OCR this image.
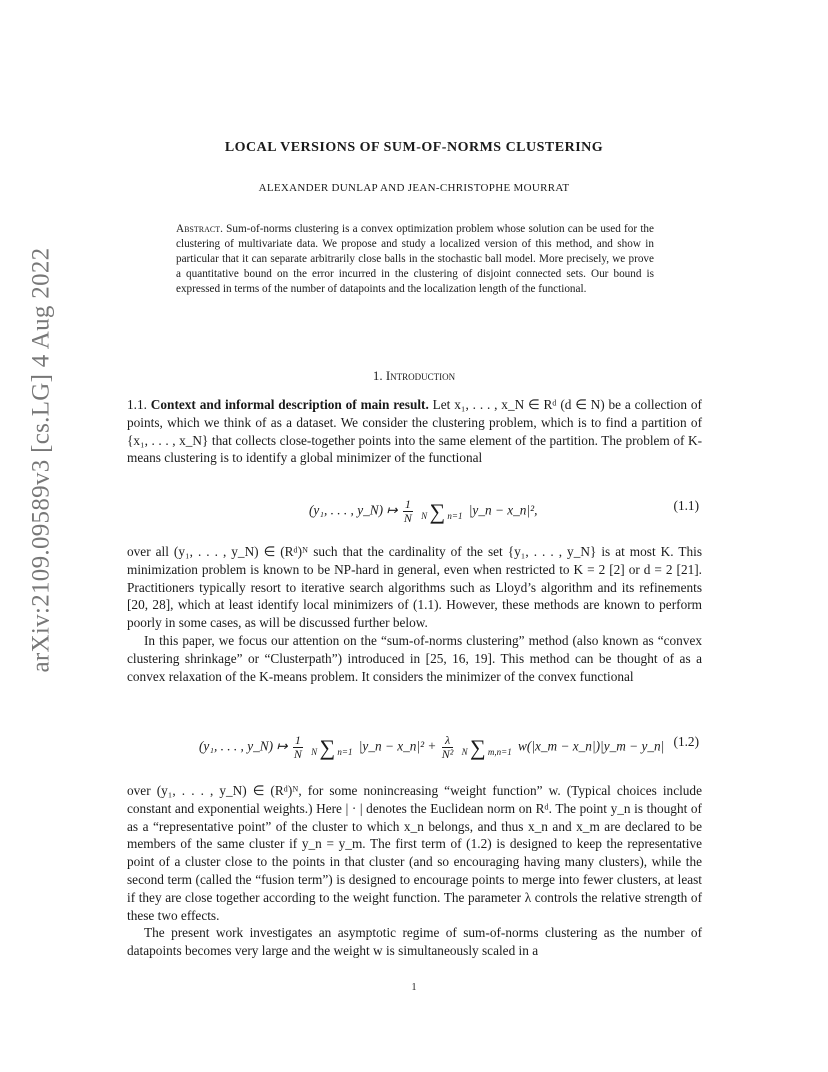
arXiv:2109.09589v3 [cs.LG] 4 Aug 2022
LOCAL VERSIONS OF SUM-OF-NORMS CLUSTERING
ALEXANDER DUNLAP AND JEAN-CHRISTOPHE MOURRAT
Abstract. Sum-of-norms clustering is a convex optimization problem whose solution can be used for the clustering of multivariate data. We propose and study a localized version of this method, and show in particular that it can separate arbitrarily close balls in the stochastic ball model. More precisely, we prove a quantitative bound on the error incurred in the clustering of disjoint connected sets. Our bound is expressed in terms of the number of datapoints and the localization length of the functional.
1. Introduction

1.1. Context and informal description of main result. Let x₁, . . . , x_N ∈ Rᵈ (d ∈ N) be a collection of points, which we think of as a dataset. We consider the clustering problem, which is to find a partition of {x₁, . . . , x_N} that collects close-together points into the same element of the partition. The problem of K-means clustering is to identify a global minimizer of the functional

(y₁, . . . , y_N) ↦ $\frac{1}{N}$ N ∑ n=1 |y_n − x_n|²,	(1.1)

over all (y₁, . . . , y_N) ∈ (Rᵈ)ᴺ such that the cardinality of the set {y₁, . . . , y_N} is at most K. This minimization problem is known to be NP-hard in general, even when restricted to K = 2 [2] or d = 2 [21]. Practitioners typically resort to iterative search algorithms such as Lloyd’s algorithm and its refinements [20, 28], which at least identify local minimizers of (1.1). However, these methods are known to perform poorly in some cases, as will be discussed further below.

In this paper, we focus our attention on the “sum-of-norms clustering” method (also known as “convex clustering shrinkage” or “Clusterpath”) introduced in [25, 16, 19]. This method can be thought of as a convex relaxation of the K-means problem. It considers the minimizer of the convex functional

(y₁, . . . , y_N) ↦ $\frac{1}{N}$ N ∑ n=1 |y_n − x_n|² + $\frac{\lambda}{\text{N²}}$ N ∑ m,n=1 w(|x_m − x_n|)|y_m − y_n| (1.2)

over (y₁, . . . , y_N) ∈ (Rᵈ)ᴺ, for some nonincreasing “weight function” w. (Typical choices include constant and exponential weights.) Here | · | denotes the Euclidean norm on Rᵈ. The point y_n is thought of as a “representative point” of the cluster to which x_n belongs, and thus x_n and x_m are declared to be members of the same cluster if y_n = y_m. The first term of (1.2) is designed to keep the representative point of a cluster close to the points in that cluster (and so encouraging having many clusters), while the second term (called the “fusion term”) is designed to encourage points to merge into fewer clusters, at least if they are close together according to the weight function. The parameter λ controls the relative strength of these two effects.

The present work investigates an asymptotic regime of sum-of-norms clustering as the number of datapoints becomes very large and the weight w is simultaneously scaled in a

1
